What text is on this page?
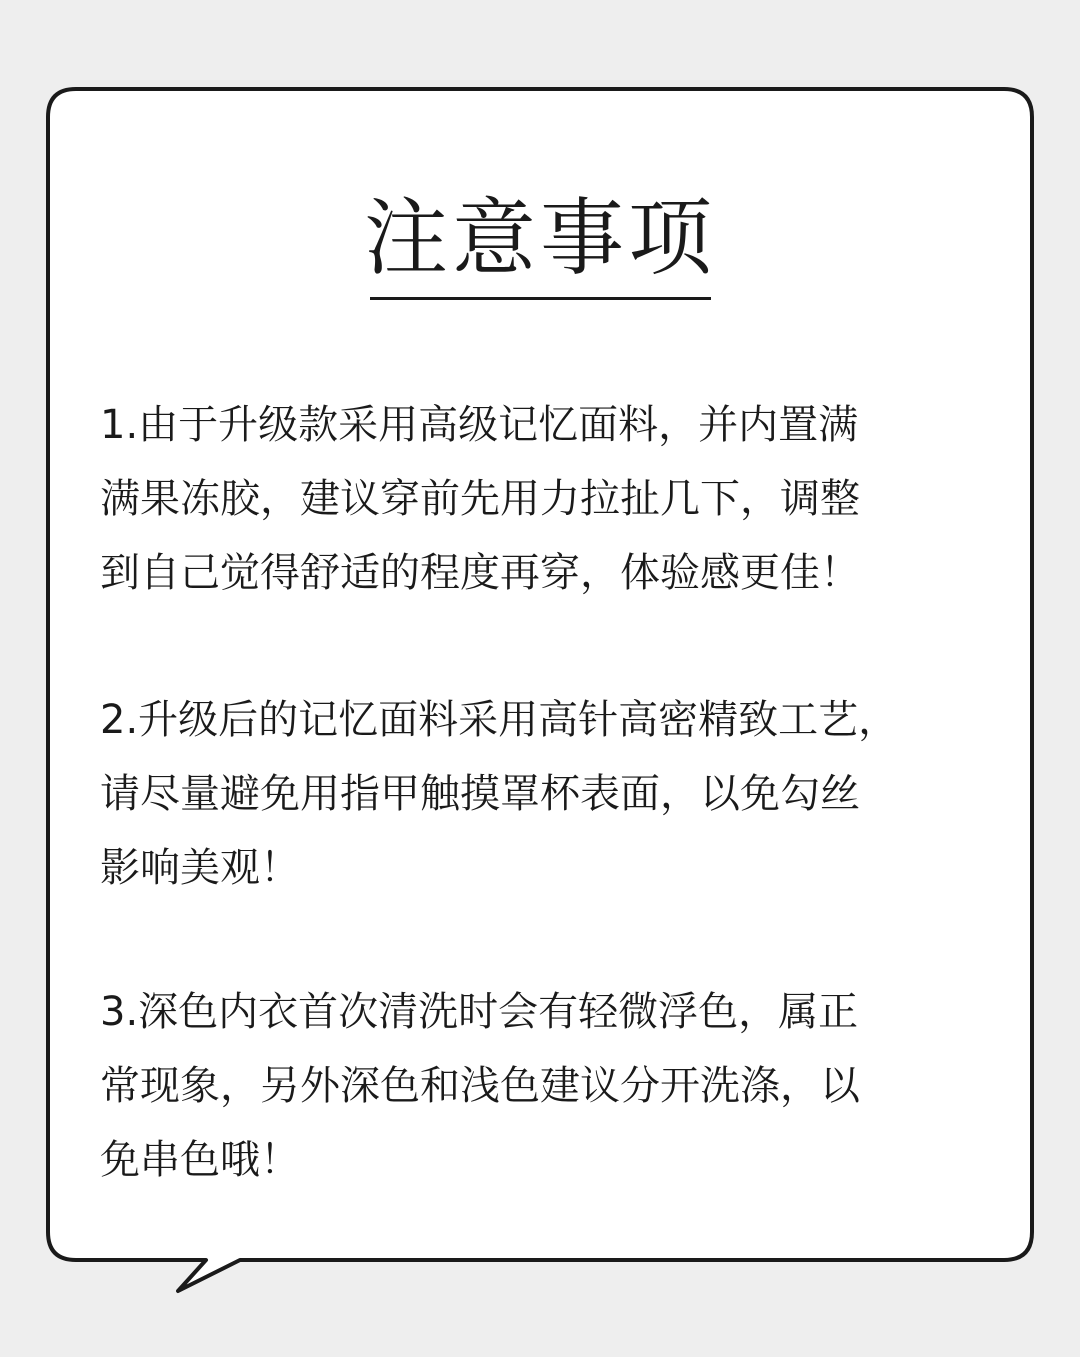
注意事项

1.由于升级款采用高级记忆面料，并内置满
满果冻胶，建议穿前先用力拉扯几下，调整
到自己觉得舒适的程度再穿，体验感更佳！

2.升级后的记忆面料采用高针高密精致工艺，
请尽量避免用指甲触摸罩杯表面，以免勾丝
影响美观！

3.深色内衣首次清洗时会有轻微浮色，属正
常现象，另外深色和浅色建议分开洗涤，以
免串色哦！
